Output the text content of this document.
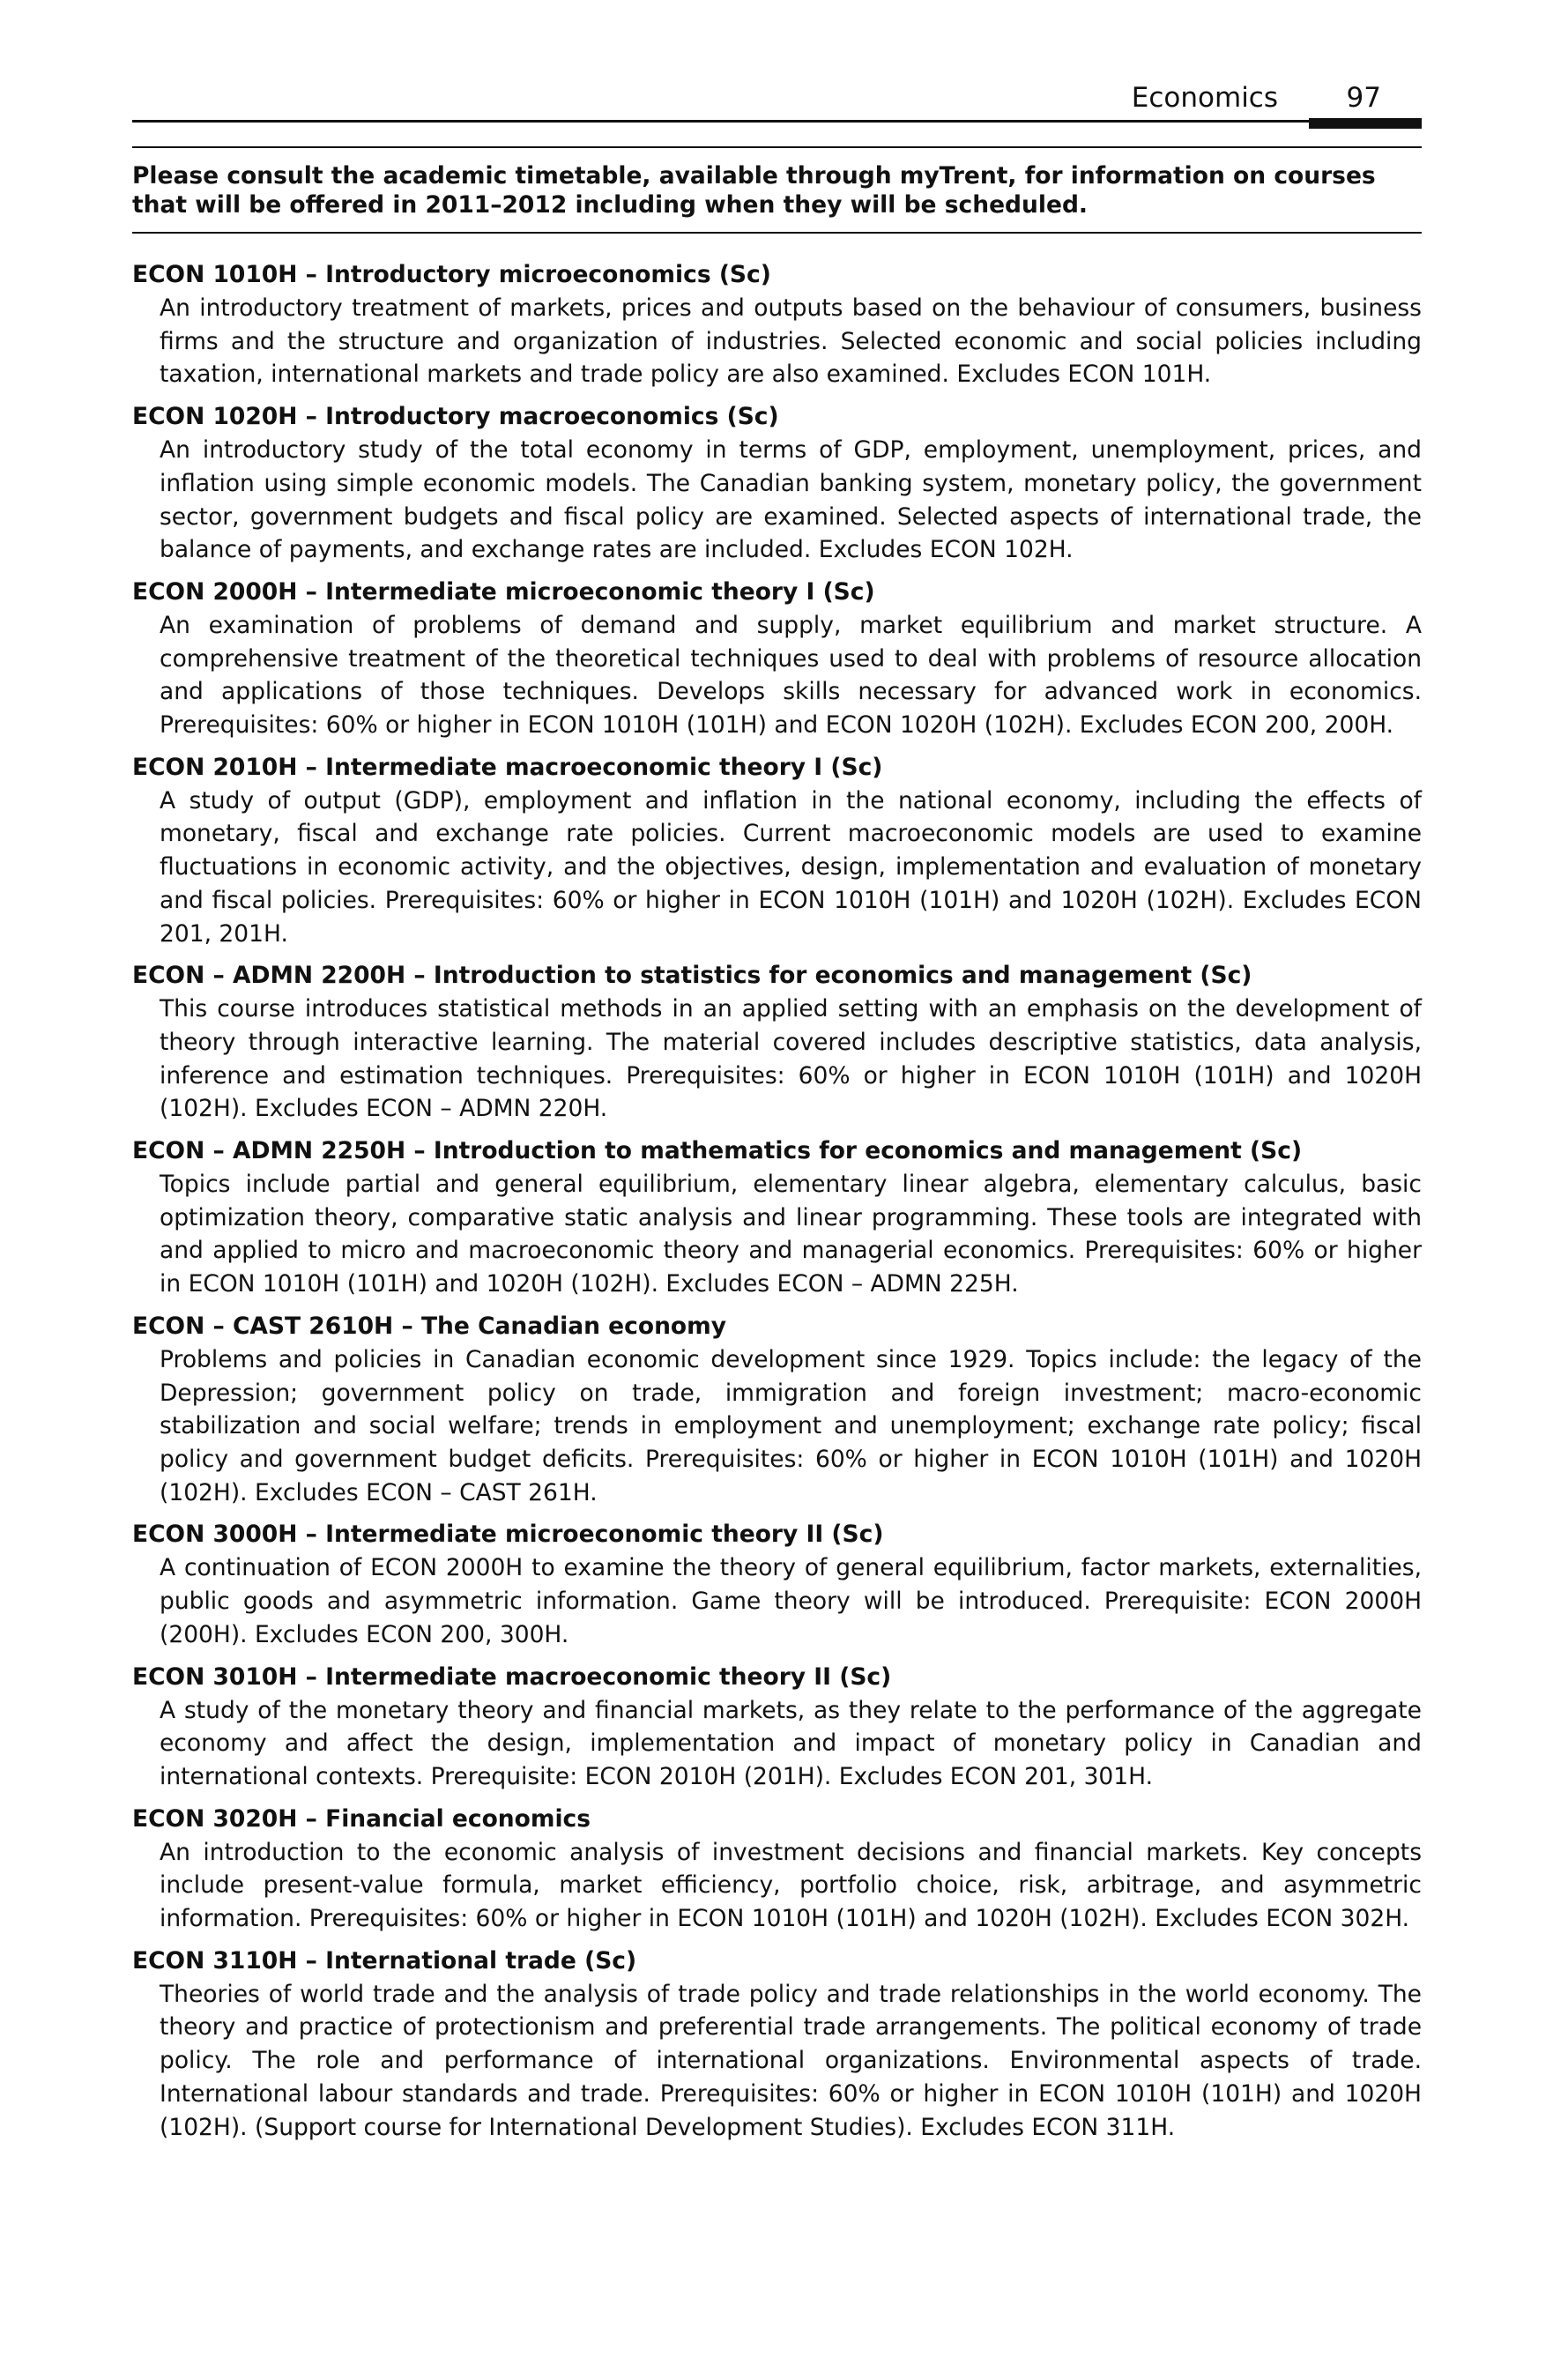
Economics	97
Please consult the academic timetable, available through myTrent, for information on courses that will be offered in 2011–2012 including when they will be scheduled.
ECON 1010H – Introductory microeconomics (Sc)
An introductory treatment of markets, prices and outputs based on the behaviour of consumers, business firms and the structure and organization of industries. Selected economic and social policies including taxation, international markets and trade policy are also examined. Excludes ECON 101H.
ECON 1020H – Introductory macroeconomics (Sc)
An introductory study of the total economy in terms of GDP, employment, unemployment, prices, and inflation using simple economic models. The Canadian banking system, monetary policy, the government sector, government budgets and fiscal policy are examined. Selected aspects of international trade, the balance of payments, and exchange rates are included. Excludes ECON 102H.
ECON 2000H – Intermediate microeconomic theory I (Sc)
An examination of problems of demand and supply, market equilibrium and market structure. A comprehensive treatment of the theoretical techniques used to deal with problems of resource allocation and applications of those techniques. Develops skills necessary for advanced work in economics. Prerequisites: 60% or higher in ECON 1010H (101H) and ECON 1020H (102H). Excludes ECON 200, 200H.
ECON 2010H – Intermediate macroeconomic theory I (Sc)
A study of output (GDP), employment and inflation in the national economy, including the effects of monetary, fiscal and exchange rate policies. Current macroeconomic models are used to examine fluctuations in economic activity, and the objectives, design, implementation and evaluation of monetary and fiscal policies. Prerequisites: 60% or higher in ECON 1010H (101H) and 1020H (102H). Excludes ECON 201, 201H.
ECON – ADMN 2200H – Introduction to statistics for economics and management (Sc)
This course introduces statistical methods in an applied setting with an emphasis on the development of theory through interactive learning. The material covered includes descriptive statistics, data analysis, inference and estimation techniques. Prerequisites: 60% or higher in ECON 1010H (101H) and 1020H (102H). Excludes ECON – ADMN 220H.
ECON – ADMN 2250H – Introduction to mathematics for economics and management (Sc)
Topics include partial and general equilibrium, elementary linear algebra, elementary calculus, basic optimization theory, comparative static analysis and linear programming. These tools are integrated with and applied to micro and macroeconomic theory and managerial economics. Prerequisites: 60% or higher in ECON 1010H (101H) and 1020H (102H). Excludes ECON – ADMN 225H.
ECON – CAST 2610H – The Canadian economy
Problems and policies in Canadian economic development since 1929. Topics include: the legacy of the Depression; government policy on trade, immigration and foreign investment; macro-economic stabilization and social welfare; trends in employment and unemployment; exchange rate policy; fiscal policy and government budget deficits. Prerequisites: 60% or higher in ECON 1010H (101H) and 1020H (102H). Excludes ECON – CAST 261H.
ECON 3000H – Intermediate microeconomic theory II (Sc)
A continuation of ECON 2000H to examine the theory of general equilibrium, factor markets, externalities, public goods and asymmetric information. Game theory will be introduced. Prerequisite: ECON 2000H (200H). Excludes ECON 200, 300H.
ECON 3010H – Intermediate macroeconomic theory II (Sc)
A study of the monetary theory and financial markets, as they relate to the performance of the aggregate economy and affect the design, implementation and impact of monetary policy in Canadian and international contexts. Prerequisite: ECON 2010H (201H). Excludes ECON 201, 301H.
ECON 3020H – Financial economics
An introduction to the economic analysis of investment decisions and financial markets. Key concepts include present-value formula, market efficiency, portfolio choice, risk, arbitrage, and asymmetric information. Prerequisites: 60% or higher in ECON 1010H (101H) and 1020H (102H). Excludes ECON 302H.
ECON 3110H – International trade (Sc)
Theories of world trade and the analysis of trade policy and trade relationships in the world economy. The theory and practice of protectionism and preferential trade arrangements. The political economy of trade policy. The role and performance of international organizations. Environmental aspects of trade. International labour standards and trade. Prerequisites: 60% or higher in ECON 1010H (101H) and 1020H (102H). (Support course for International Development Studies). Excludes ECON 311H.
